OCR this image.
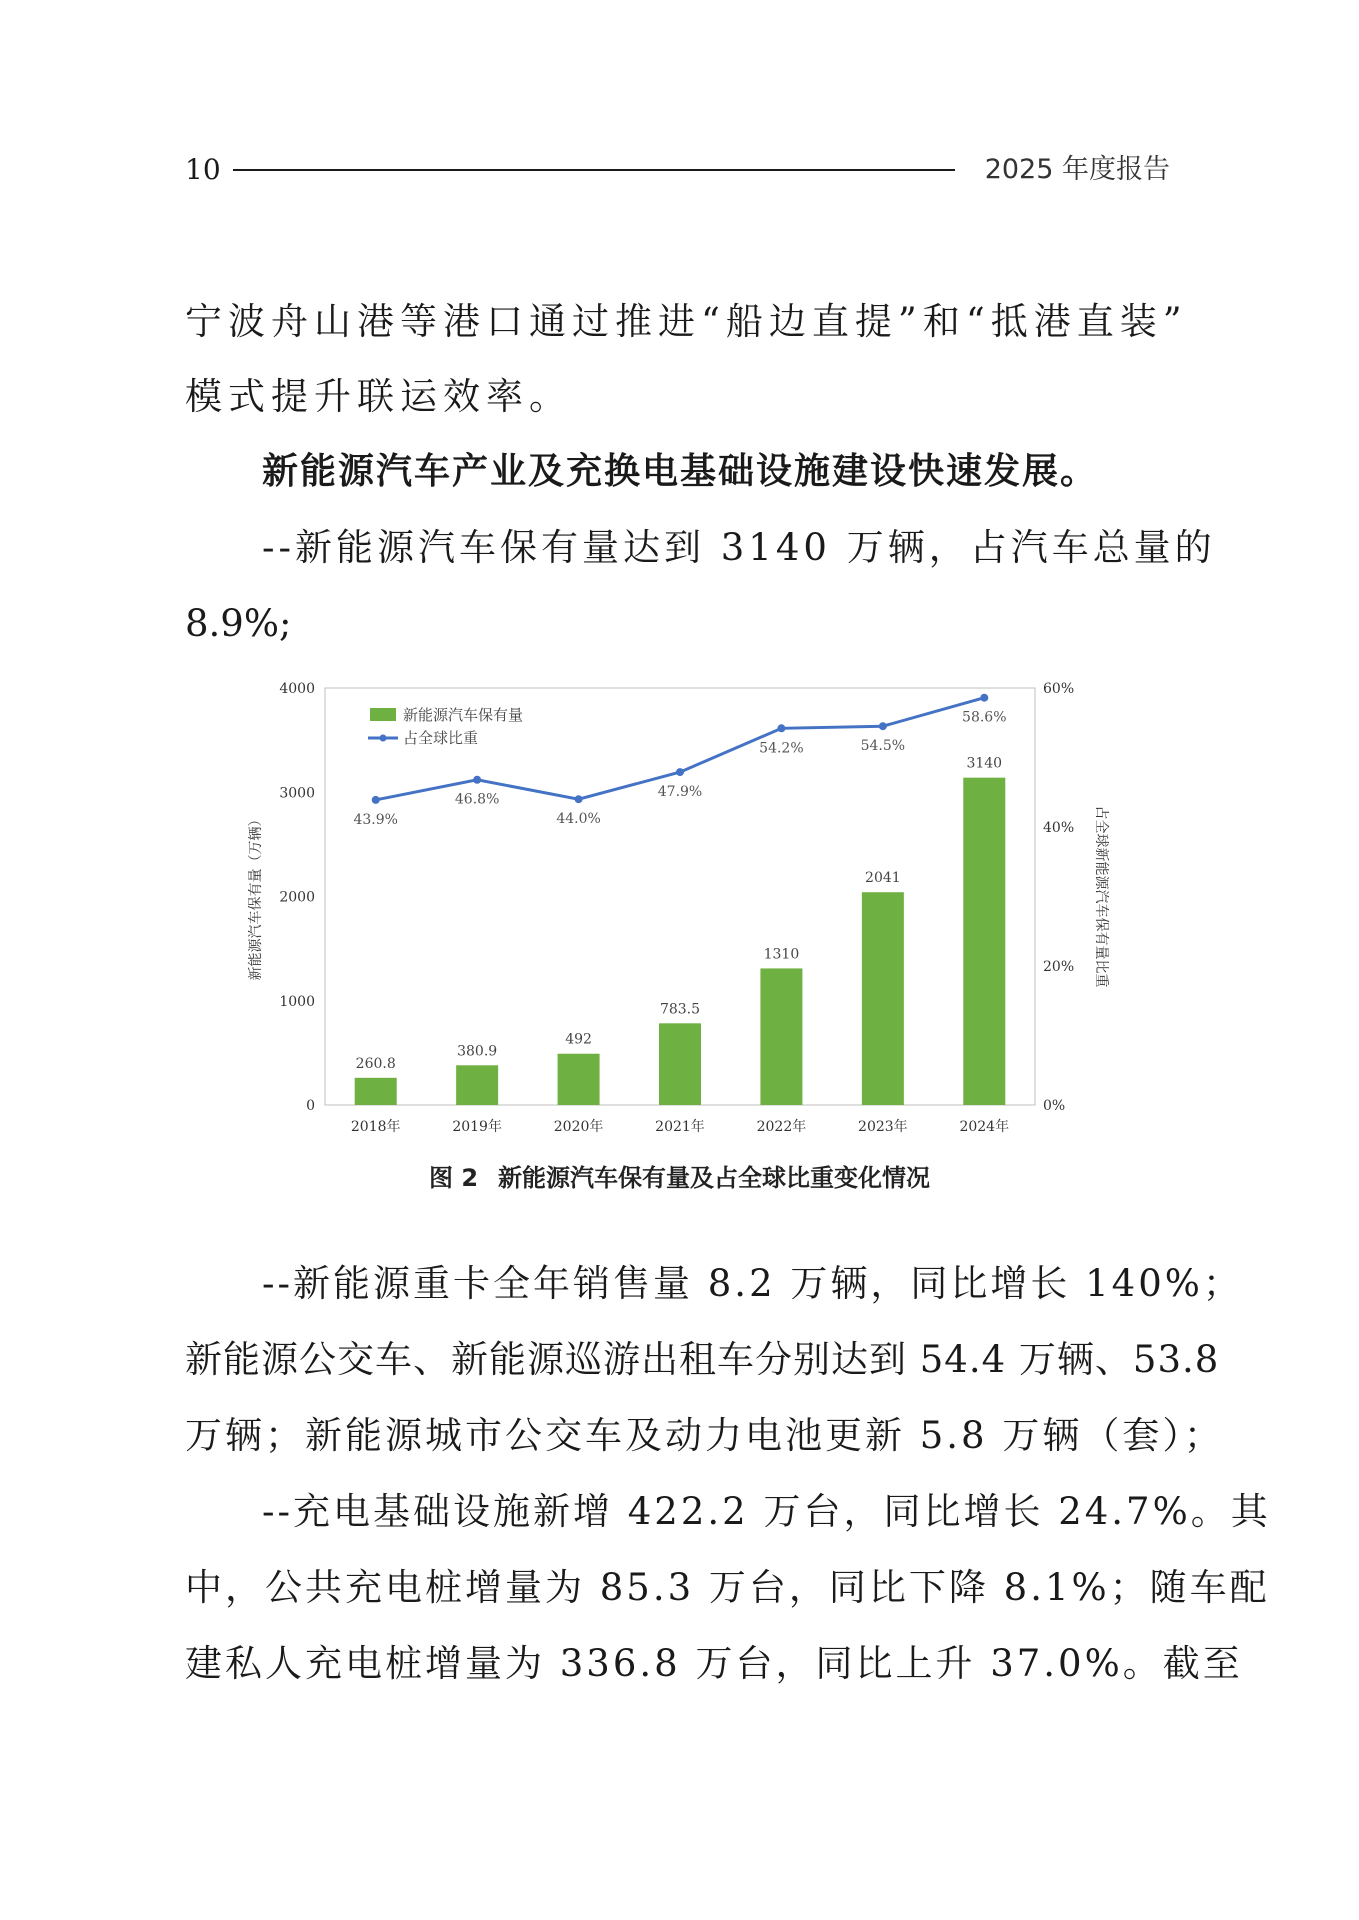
10	2025 年度报告
宁波舟山港等港口通过推进“船边直提”和“抵港直装”
模式提升联运效率。
新能源汽车产业及充换电基础设施建设快速发展。
--新能源汽车保有量达到 3140 万辆，占汽车总量的
8.9%;
0
1000
2000
3000
4000
0%
20%
40%
60%
新能源汽车保有量（万辆）	占全球新能源汽车保有量比重
260.8
380.9
492
783.5
1310
2041
3140
2018年	2019年	2020年	2021年	2022年	2023年	2024年
43.9%
46.8%
44.0%
47.9%
54.2%	54.5%
58.6%
新能源汽车保有量
占全球比重
图 2 新能源汽车保有量及占全球比重变化情况
--新能源重卡全年销售量 8.2 万辆，同比增长 140%；
新能源公交车、新能源巡游出租车分别达到 54.4 万辆、53.8
万辆；新能源城市公交车及动力电池更新 5.8 万辆（套）；
--充电基础设施新增 422.2 万台，同比增长 24.7%。其
中，公共充电桩增量为 85.3 万台，同比下降 8.1%；随车配
建私人充电桩增量为 336.8 万台，同比上升 37.0%。截至
